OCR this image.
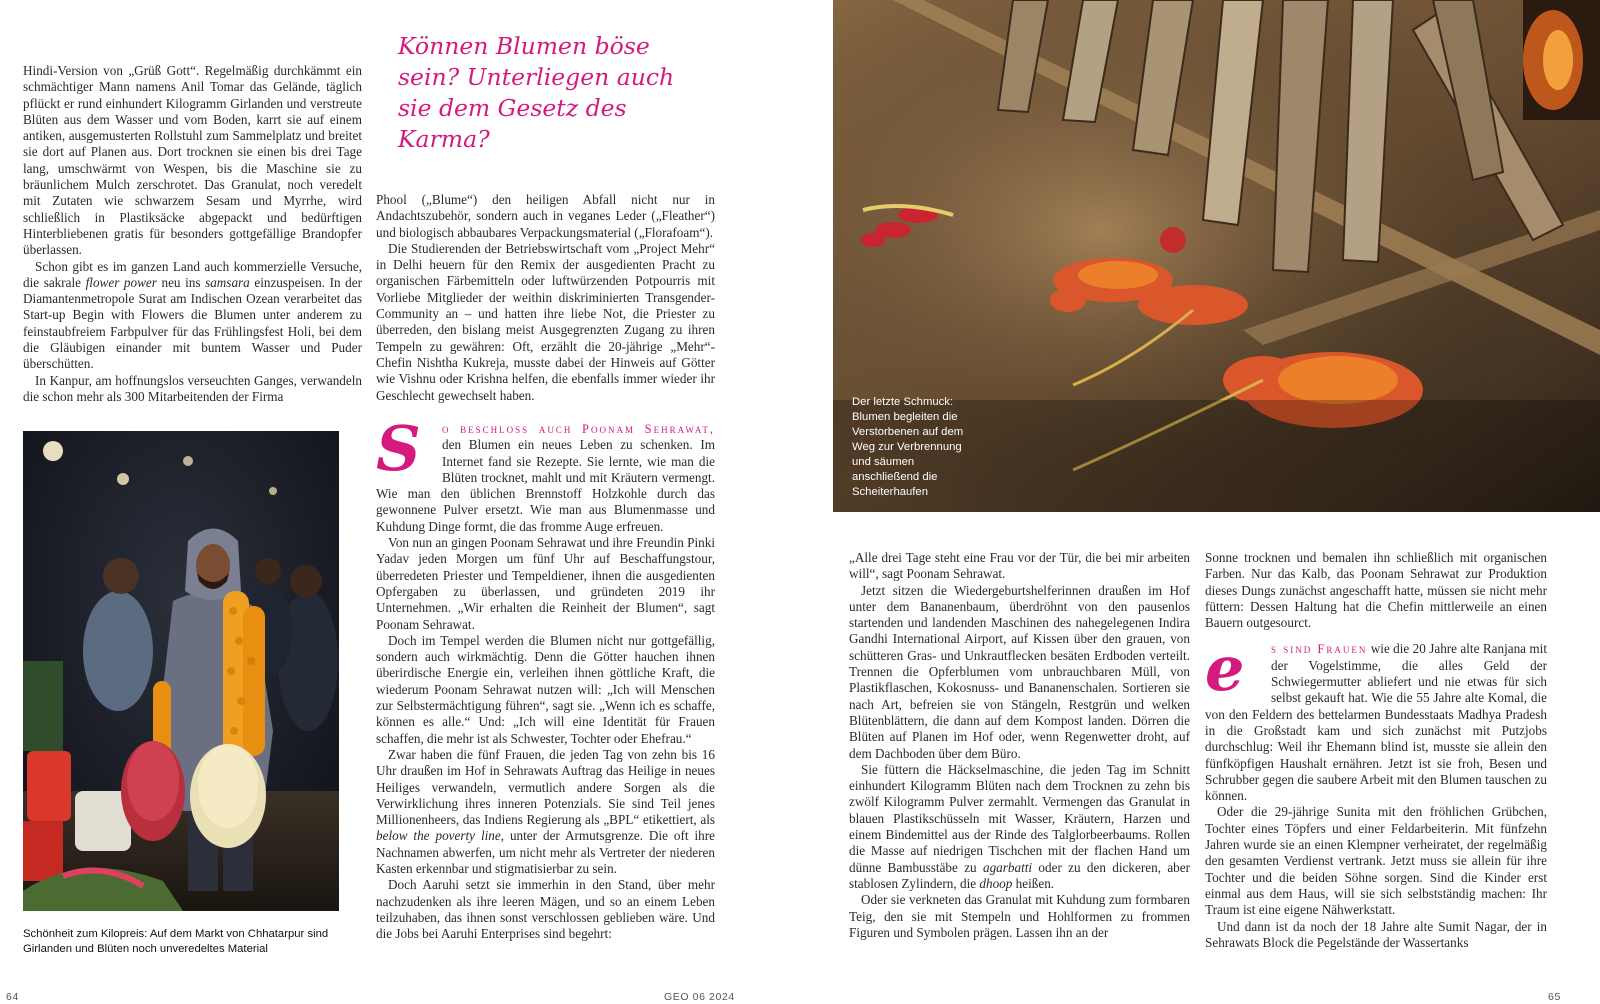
Hindi-Version von „Grüß Gott“. Regelmäßig durchkämmt ein schmächtiger Mann namens Anil Tomar das Gelände, täglich pflückt er rund einhundert Kilogramm Girlanden und verstreute Blüten aus dem Wasser und vom Boden, karrt sie auf einem antiken, ausgemusterten Rollstuhl zum Sammelplatz und breitet sie dort auf Planen aus. Dort trocknen sie einen bis drei Tage lang, umschwärmt von Wespen, bis die Maschine sie zu bräunlichem Mulch zerschrotet. Das Granulat, noch veredelt mit Zutaten wie schwarzem Sesam und Myrrhe, wird schließlich in Plastiksäcke abgepackt und bedürftigen Hinterbliebenen gratis für besonders gottgefällige Brandopfer überlassen.

Schon gibt es im ganzen Land auch kommerzielle Versuche, die sakrale flower power neu ins samsara einzuspeisen. In der Diamantenmetropole Surat am Indischen Ozean verarbeitet das Start-up Begin with Flowers die Blumen unter anderem zu feinstaubfreiem Farbpulver für das Frühlingsfest Holi, bei dem die Gläubigen einander mit buntem Wasser und Puder überschütten.

In Kanpur, am hoffnungslos verseuchten Ganges, verwandeln die schon mehr als 300 Mitarbeitenden der Firma

Schönheit zum Kilopreis: Auf dem Markt von Chhatarpur sind Girlanden und Blüten noch unveredeltes Material
Können Blumen böse sein? Unterliegen auch sie dem Gesetz des Karma?

Phool („Blume“) den heiligen Abfall nicht nur in Andachtszubehör, sondern auch in veganes Leder („Fleather“) und biologisch abbaubares Verpackungsmaterial („Florafoam“).

Die Studierenden der Betriebswirtschaft vom „Project Mehr“ in Delhi heuern für den Remix der ausgedienten Pracht zu organischen Färbemitteln oder luftwürzenden Potpourris mit Vorliebe Mitglieder der weithin diskriminierten Transgender-Community an – und hatten ihre liebe Not, die Priester zu überreden, den bislang meist Ausgegrenzten Zugang zu ihren Tempeln zu gewähren: Oft, erzählt die 20-jährige „Mehr“-Chefin Nishtha Kukreja, musste dabei der Hinweis auf Götter wie Vishnu oder Krishna helfen, die ebenfalls immer wieder ihr Geschlecht gewechselt haben.

S	o beschloss auch Poonam Sehrawat, den Blumen ein neues Leben zu schenken. Im Internet fand sie Rezepte. Sie lernte, wie man die Blüten trocknet, mahlt und mit Kräutern vermengt. Wie man den üblichen Brennstoff Holzkohle durch das gewonnene Pulver ersetzt. Wie man aus Blumenmasse und Kuhdung Dinge formt, die das fromme Auge erfreuen.

Von nun an gingen Poonam Sehrawat und ihre Freundin Pinki Yadav jeden Morgen um fünf Uhr auf Beschaffungstour, überredeten Priester und Tempeldiener, ihnen die ausgedienten Opfergaben zu überlassen, und gründeten 2019 ihr Unternehmen. „Wir erhalten die Reinheit der Blumen“, sagt Poonam Sehrawat.

Doch im Tempel werden die Blumen nicht nur gottgefällig, sondern auch wirkmächtig. Denn die Götter hauchen ihnen überirdische Energie ein, verleihen ihnen göttliche Kraft, die wiederum Poonam Sehrawat nutzen will: „Ich will Menschen zur Selbstermächtigung führen“, sagt sie. „Wenn ich es schaffe, können es alle.“ Und: „Ich will eine Identität für Frauen schaffen, die mehr ist als Schwester, Tochter oder Ehefrau.“

Zwar haben die fünf Frauen, die jeden Tag von zehn bis 16 Uhr draußen im Hof in Sehrawats Auftrag das Heilige in neues Heiliges verwandeln, vermutlich andere Sorgen als die Verwirklichung ihres inneren Potenzials. Sie sind Teil jenes Millionenheers, das Indiens Regierung als „BPL“ etikettiert, als below the poverty line, unter der Armutsgrenze. Die oft ihre Nachnamen abwerfen, um nicht mehr als Vertreter der niederen Kasten erkennbar und stigmatisierbar zu sein.

Doch Aaruhi setzt sie immerhin in den Stand, über mehr nachzudenken als ihre leeren Mägen, und so an einem Leben teilzuhaben, das ihnen sonst verschlossen geblieben wäre. Und die Jobs bei Aaruhi Enterprises sind begehrt:

Der letzte Schmuck: Blumen begleiten die Verstorbenen auf dem Weg zur Verbrennung und säumen anschließend die Scheiterhaufen

„Alle drei Tage steht eine Frau vor der Tür, die bei mir arbeiten will“, sagt Poonam Sehrawat.

Jetzt sitzen die Wiedergeburtshelferinnen draußen im Hof unter dem Bananenbaum, überdröhnt von den pausenlos startenden und landenden Maschinen des nahegelegenen Indira Gandhi International Airport, auf Kissen über den grauen, von schütteren Gras- und Unkrautflecken besäten Erdboden verteilt. Trennen die Opferblumen vom unbrauchbaren Müll, von Plastikflaschen, Kokosnuss- und Bananenschalen. Sortieren sie nach Art, befreien sie von Stängeln, Restgrün und welken Blütenblättern, die dann auf dem Kompost landen. Dörren die Blüten auf Planen im Hof oder, wenn Regenwetter droht, auf dem Dachboden über dem Büro.

Sie füttern die Häckselmaschine, die jeden Tag im Schnitt einhundert Kilogramm Blüten nach dem Trocknen zu zehn bis zwölf Kilogramm Pulver zermahlt. Vermengen das Granulat in blauen Plastikschüsseln mit Wasser, Kräutern, Harzen und einem Bindemittel aus der Rinde des Talglorbeerbaums. Rollen die Masse auf niedrigen Tischchen mit der flachen Hand um dünne Bambusstäbe zu agarbatti oder zu den dickeren, aber stablosen Zylindern, die dhoop heißen.

Oder sie verkneten das Granulat mit Kuhdung zum formbaren Teig, den sie mit Stempeln und Hohlformen zu frommen Figuren und Symbolen prägen. Lassen ihn an der

Sonne trocknen und bemalen ihn schließlich mit organischen Farben. Nur das Kalb, das Poonam Sehrawat zur Produktion dieses Dungs zunächst angeschafft hatte, müssen sie nicht mehr füttern: Dessen Haltung hat die Chefin mittlerweile an einen Bauern outgesourct.

e	s sind Frauen wie die 20 Jahre alte Ranjana mit der Vogelstimme, die alles Geld der Schwiegermutter abliefert und nie etwas für sich selbst gekauft hat. Wie die 55 Jahre alte Komal, die von den Feldern des bettelarmen Bundesstaats Madhya Pradesh in die Großstadt kam und sich zunächst mit Putzjobs durchschlug: Weil ihr Ehemann blind ist, musste sie allein den fünfköpfigen Haushalt ernähren. Jetzt ist sie froh, Besen und Schrubber gegen die saubere Arbeit mit den Blumen tauschen zu können.

Oder die 29-jährige Sunita mit den fröhlichen Grübchen, Tochter eines Töpfers und einer Feldarbeiterin. Mit fünfzehn Jahren wurde sie an einen Klempner verheiratet, der regelmäßig den gesamten Verdienst vertrank. Jetzt muss sie allein für ihre Tochter und die beiden Söhne sorgen. Sind die Kinder erst einmal aus dem Haus, will sie sich selbstständig machen: Ihr Traum ist eine eigene Nähwerkstatt.

Und dann ist da noch der 18 Jahre alte Sumit Nagar, der in Sehrawats Block die Pegelstände der Wassertanks

64	GEO 06 2024	65
